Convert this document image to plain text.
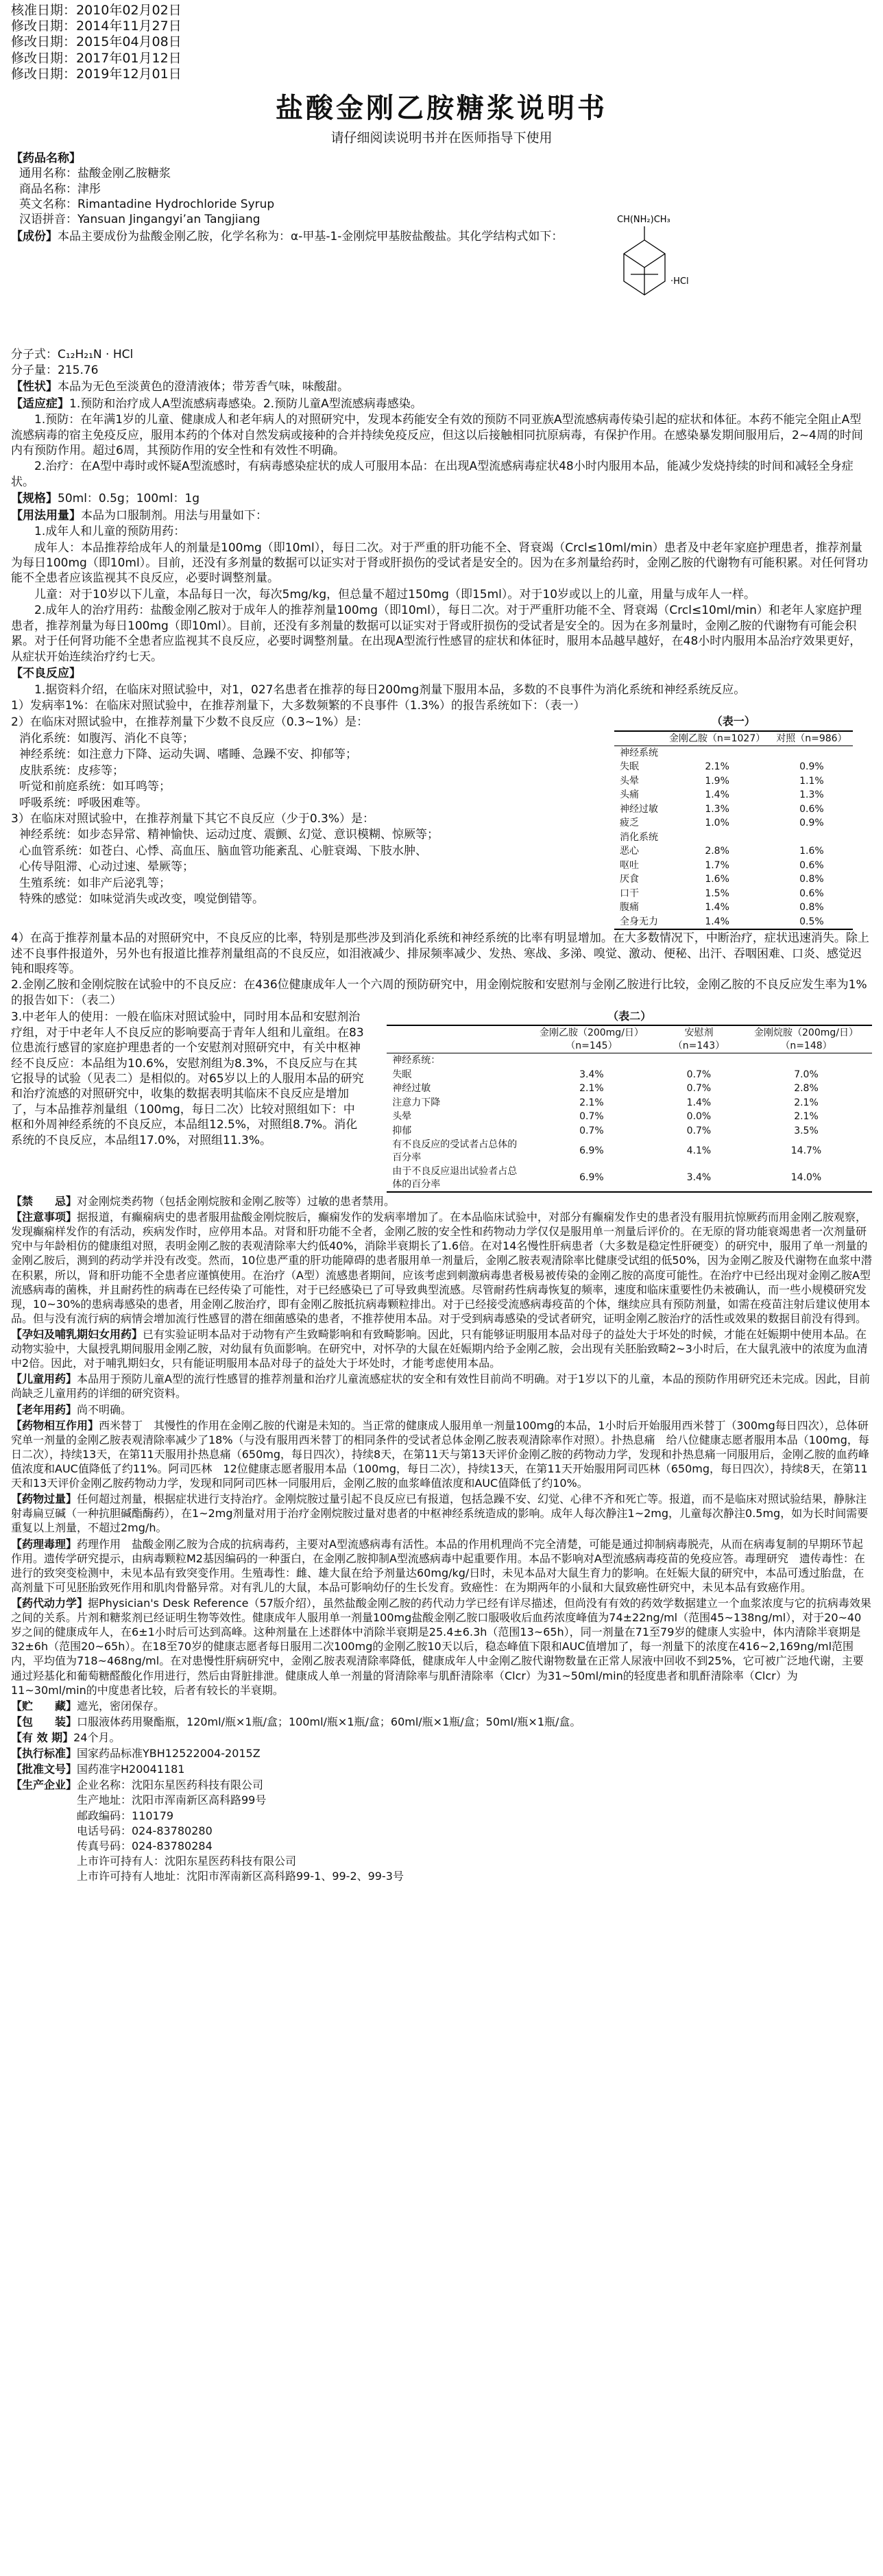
核准日期：2010年02月02日
修改日期：2014年11月27日
修改日期：2015年04月08日
修改日期：2017年01月12日
修改日期：2019年12月01日
盐酸金刚乙胺糖浆说明书
请仔细阅读说明书并在医师指导下使用
【药品名称】
通用名称：盐酸金刚乙胺糖浆
商品名称：津彤
英文名称：Rimantadine Hydrochloride Syrup
汉语拼音：Yansuan Jingangyi’an Tangjiang
【成份】本品主要成份为盐酸金刚乙胺，化学名称为：α-甲基-1-金刚烷甲基胺盐酸盐。其化学结构式如下：
分子式：C₁₂H₂₁N · HCl
分子量：215.76
CH(NH₂)CH₃
·HCl
【性状】本品为无色至淡黄色的澄清液体；带芳香气味，味酸甜。
【适应症】1.预防和治疗成人A型流感病毒感染。2.预防儿童A型流感病毒感染。
1.预防：在年满1岁的儿童、健康成人和老年病人的对照研究中，发现本药能安全有效的预防不同亚族A型流感病毒传染引起的症状和体征。本药不能完全阻止A型流感病毒的宿主免疫反应，服用本药的个体对自然发病或接种的合并持续免疫反应，但这以后接触相同抗原病毒，有保护作用。在感染暴发期间服用后，2~4周的时间内有预防作用。超过6周，其预防作用的安全性和有效性不明确。
2.治疗：在A型中毒时或怀疑A型流感时，有病毒感染症状的成人可服用本品：在出现A型流感病毒症状48小时内服用本品，能减少发烧持续的时间和减轻全身症状。
【规格】50ml：0.5g；100ml：1g
【用法用量】本品为口服制剂。用法与用量如下：
1.成年人和儿童的预防用药：
成年人：本品推荐给成年人的剂量是100mg（即10ml），每日二次。对于严重的肝功能不全、肾衰竭（Crcl≤10ml/min）患者及中老年家庭护理患者，推荐剂量为每日100mg（即10ml）。目前，还没有多剂量的数据可以证实对于肾或肝损伤的受试者是安全的。因为在多剂量给药时，金刚乙胺的代谢物有可能积累。对任何肾功能不全患者应该监视其不良反应，必要时调整剂量。
儿童：对于10岁以下儿童，本品每日一次，每次5mg/kg，但总量不超过150mg（即15ml）。对于10岁或以上的儿童，用量与成年人一样。
2.成年人的治疗用药：盐酸金刚乙胺对于成年人的推荐剂量100mg（即10ml），每日二次。对于严重肝功能不全、肾衰竭（Crcl≤10ml/min）和老年人家庭护理患者，推荐剂量为每日100mg（即10ml）。目前，还没有多剂量的数据可以证实对于肾或肝损伤的受试者是安全的。因为在多剂量时，金刚乙胺的代谢物有可能会积累。对于任何肾功能不全患者应监视其不良反应，必要时调整剂量。在出现A型流行性感冒的症状和体征时，服用本品越早越好，在48小时内服用本品治疗效果更好，从症状开始连续治疗约七天。
【不良反应】
1.据资料介绍，在临床对照试验中，对1，027名患者在推荐的每日200mg剂量下服用本品，多数的不良事件为消化系统和神经系统反应。
1）发病率1%：在临床对照试验中，在推荐剂量下，大多数频繁的不良事件（1.3%）的报告系统如下：（表一）
2）在临床对照试验中，在推荐剂量下少数不良反应（0.3~1%）是：
消化系统：如腹泻、消化不良等；
神经系统：如注意力下降、运动失调、嗜睡、急躁不安、抑郁等；
皮肤系统：皮疹等；
听觉和前庭系统：如耳鸣等；
呼吸系统：呼吸困难等。
3）在临床对照试验中，在推荐剂量下其它不良反应（少于0.3%）是：
神经系统：如步态异常、精神愉快、运动过度、震颤、幻觉、意识模糊、惊厥等；
心血管系统：如苍白、心悸、高血压、脑血管功能紊乱、心脏衰竭、下肢水肿、
心传导阻滞、心动过速、晕厥等；
生殖系统：如非产后泌乳等；
特殊的感觉：如味觉消失或改变，嗅觉倒错等。
（表一）
	金刚乙胺（n=1027）	对照（n=986）
神经系统		
失眠	2.1%	0.9%
头晕	1.9%	1.1%
头痛	1.4%	1.3%
神经过敏	1.3%	0.6%
疲乏	1.0%	0.9%
消化系统		
恶心	2.8%	1.6%
呕吐	1.7%	0.6%
厌食	1.6%	0.8%
口干	1.5%	0.6%
腹痛	1.4%	0.8%
全身无力	1.4%	0.5%
4）在高于推荐剂量本品的对照研究中，不良反应的比率，特别是那些涉及到消化系统和神经系统的比率有明显增加。在大多数情况下，中断治疗，症状迅速消失。除上述不良事件报道外，另外也有报道比推荐剂量组高的不良反应，如泪液减少、排尿频率减少、发热、寒战、多涕、嗅觉、激动、便秘、出汗、吞咽困难、口炎、感觉迟钝和眼疼等。
2.金刚乙胺和金刚烷胺在试验中的不良反应：在436位健康成年人一个六周的预防研究中，用金刚烷胺和安慰剂与金刚乙胺进行比较，金刚乙胺的不良反应发生率为1%的报告如下：（表二）
3.中老年人的使用：一般在临床对照试验中，同时用本品和安慰剂治疗组，对于中老年人不良反应的影响要高于青年人组和儿童组。在83位患流行感冒的家庭护理患者的一个安慰剂对照研究中，有关中枢神经不良反应：本品组为10.6%，安慰剂组为8.3%，不良反应与在其它报导的试验（见表二）是相似的。对65岁以上的人服用本品的研究和治疗流感的对照研究中，收集的数据表明其临床不良反应是增加了，与本品推荐剂量组（100mg，每日二次）比较对照组如下：中枢和外周神经系统的不良反应，本品组12.5%，对照组8.7%。消化系统的不良反应，本品组17.0%，对照组11.3%。
（表二）
	金刚乙胺（200mg/日）（n=145）	安慰剂（n=143）	金刚烷胺（200mg/日）（n=148）
神经系统：			
失眠	3.4%	0.7%	7.0%
神经过敏	2.1%	0.7%	2.8%
注意力下降	2.1%	1.4%	2.1%
头晕	0.7%	0.0%	2.1%
抑郁	0.7%	0.7%	3.5%
有不良反应的受试者占总体的百分率	6.9%	4.1%	14.7%
由于不良反应退出试验者占总体的百分率	6.9%	3.4%	14.0%
【禁　　忌】对金刚烷类药物（包括金刚烷胺和金刚乙胺等）过敏的患者禁用。
【注意事项】据报道，有癫痫病史的患者服用盐酸金刚烷胺后，癫痫发作的发病率增加了。在本品临床试验中，对部分有癫痫发作史的患者没有服用抗惊厥药而用金刚乙胺观察，发现癫痫样发作的有活动，疾病发作时，应停用本品。对肾和肝功能不全者，金刚乙胺的安全性和药物动力学仅仅是服用单一剂量后评价的。在无原的肾功能衰竭患者一次剂量研究中与年龄相仿的健康组对照，表明金刚乙胺的表观清除率大约低40%，消除半衰期长了1.6倍。在对14名慢性肝病患者（大多数是稳定性肝硬变）的研究中，服用了单一剂量的金刚乙胺后，测到的药动学并没有改变。然而，10位患严重的肝功能障碍的患者服用单一剂量后，金刚乙胺表观清除率比健康受试组的低50%，因为金刚乙胺及代谢物在血浆中潜在积累，所以，肾和肝功能不全患者应谨慎使用。在治疗（A型）流感患者期间，应该考虑到刺激病毒患者极易被传染的金刚乙胺的高度可能性。在治疗中已经出现对金刚乙胺A型流感病毒的菌株，并且耐药性的病毒在已经传染了可能性，对于已经感染已了可导致典型流感。尽管耐药性病毒恢复的频率，速度和临床重要性仍未被确认，而一些小规模研究发现，10~30%的患病毒感染的患者，用金刚乙胺治疗，即有金刚乙胺抵抗病毒颗粒排出。对于已经接受流感病毒疫苗的个体，继续应具有预防剂量，如需在疫苗注射后建议使用本品。但与没有流行病的病情会增加流行性感冒的潜在细菌感染的患者，不推荐使用本品。对于受到病毒感染的受试者研究，证明金刚乙胺治疗的活性或效果的数据目前没有得到。
【孕妇及哺乳期妇女用药】已有实验证明本品对于动物有产生致畸影响和有致畸影响。因此，只有能够证明服用本品对母子的益处大于坏处的时候，才能在妊娠期中使用本品。在动物实验中，大鼠授乳期间服用金刚乙胺，对幼鼠有负面影响。在研究中，对怀孕的大鼠在妊娠期内给予金刚乙胺，会出现有关胚胎致畸2~3小时后，在大鼠乳液中的浓度为血清中2倍。因此，对于哺乳期妇女，只有能证明服用本品对母子的益处大于坏处时，才能考虑使用本品。
【儿童用药】本品用于预防儿童A型的流行性感冒的推荐剂量和治疗儿童流感症状的安全和有效性目前尚不明确。对于1岁以下的儿童，本品的预防作用研究还未完成。因此，目前尚缺乏儿童用药的详细的研究资料。
【老年用药】尚不明确。
【药物相互作用】西米替丁　其慢性的作用在金刚乙胺的代谢是未知的。当正常的健康成人服用单一剂量100mg的本品，1小时后开始服用西米替丁（300mg每日四次），总体研究单一剂量的金刚乙胺表观清除率减少了18%（与没有服用西米替丁的相同条件的受试者总体金刚乙胺表观清除率作对照）。扑热息痛　给八位健康志愿者服用本品（100mg，每日二次），持续13天，在第11天服用扑热息痛（650mg，每日四次），持续8天，在第11天与第13天评价金刚乙胺的药物动力学，发现和扑热息痛一同服用后，金刚乙胺的血药峰值浓度和AUC值降低了约11%。阿司匹林　12位健康志愿者服用本品（100mg，每日二次），持续13天，在第11天开始服用阿司匹林（650mg，每日四次），持续8天，在第11天和13天评价金刚乙胺药物动力学，发现和同阿司匹林一同服用后，金刚乙胺的血浆峰值浓度和AUC值降低了约10%。
【药物过量】任何超过剂量，根据症状进行支持治疗。金刚烷胺过量引起不良反应已有报道，包括急躁不安、幻觉、心律不齐和死亡等。报道，而不是临床对照试验结果，静脉注射毒扁豆碱（一种抗胆碱酯酶药），在1~2mg剂量对用于治疗金刚烷胺过量对患者的中枢神经系统造成的影响。成年人每次静注1~2mg，儿童每次静注0.5mg，如为长时间需要重复以上剂量，不超过2mg/h。
【药理毒理】药理作用　盐酸金刚乙胺为合成的抗病毒药，主要对A型流感病毒有活性。本品的作用机理尚不完全清楚，可能是通过抑制病毒脱壳，从而在病毒复制的早期环节起作用。遗传学研究提示，由病毒颗粒M2基因编码的一种蛋白，在金刚乙胺抑制A型流感病毒中起重要作用。本品不影响对A型流感病毒疫苗的免疫应答。毒理研究　遗传毒性：在进行的致突变检测中，未见本品有致突变作用。生殖毒性：雌、雄大鼠在给予剂量达60mg/kg/日时，未见本品对大鼠生育力的影响。在妊娠大鼠的研究中，本品可透过胎盘，在高剂量下可见胚胎致死作用和肌肉骨骼异常。对有乳儿的大鼠，本品可影响幼仔的生长发育。致癌性：在为期两年的小鼠和大鼠致癌性研究中，未见本品有致癌作用。
【药代动力学】据Physician's Desk Reference（57版介绍），虽然盐酸金刚乙胺的药代动力学已经有详尽描述，但尚没有有效的药效学数据建立一个血浆浓度与它的抗病毒效果之间的关系。片剂和糖浆剂已经证明生物等效性。健康成年人服用单一剂量100mg盐酸金刚乙胺口服吸收后血药浓度峰值为74±22ng/ml（范围45~138ng/ml），对于20~40岁之间的健康成年人，在6±1小时后可达到高峰。这种剂量在上述群体中消除半衰期是25.4±6.3h（范围13~65h），同一剂量在71至79岁的健康人实验中，体内清除半衰期是32±6h（范围20~65h）。在18至70岁的健康志愿者每日服用二次100mg的金刚乙胺10天以后，稳态峰值下限和AUC值增加了，每一剂量下的浓度在416~2,169ng/ml范围内，平均值为718~468ng/ml。在对患慢性肝病研究中，金刚乙胺表观清除率降低，健康成年人中金刚乙胺代谢物数量在正常人尿液中回收不到25%，它可被广泛地代谢，主要通过羟基化和葡萄糖醛酸化作用进行，然后由肾脏排泄。健康成人单一剂量的肾清除率与肌酐清除率（Clcr）为31~50ml/min的轻度患者和肌酐清除率（Clcr）为11~30ml/min的中度患者比较，后者有较长的半衰期。
【贮　　藏】遮光，密闭保存。
【包　　装】口服液体药用聚酯瓶，120ml/瓶×1瓶/盒；100ml/瓶×1瓶/盒；60ml/瓶×1瓶/盒；50ml/瓶×1瓶/盒。
【有 效 期】24个月。
【执行标准】国家药品标准YBH12522004-2015Z
【批准文号】国药准字H20041181
【生产企业】企业名称：沈阳东星医药科技有限公司
生产地址：沈阳市浑南新区高科路99号
邮政编码：110179
电话号码：024-83780280
传真号码：024-83780284
上市许可持有人：沈阳东星医药科技有限公司
上市许可持有人地址：沈阳市浑南新区高科路99-1、99-2、99-3号
